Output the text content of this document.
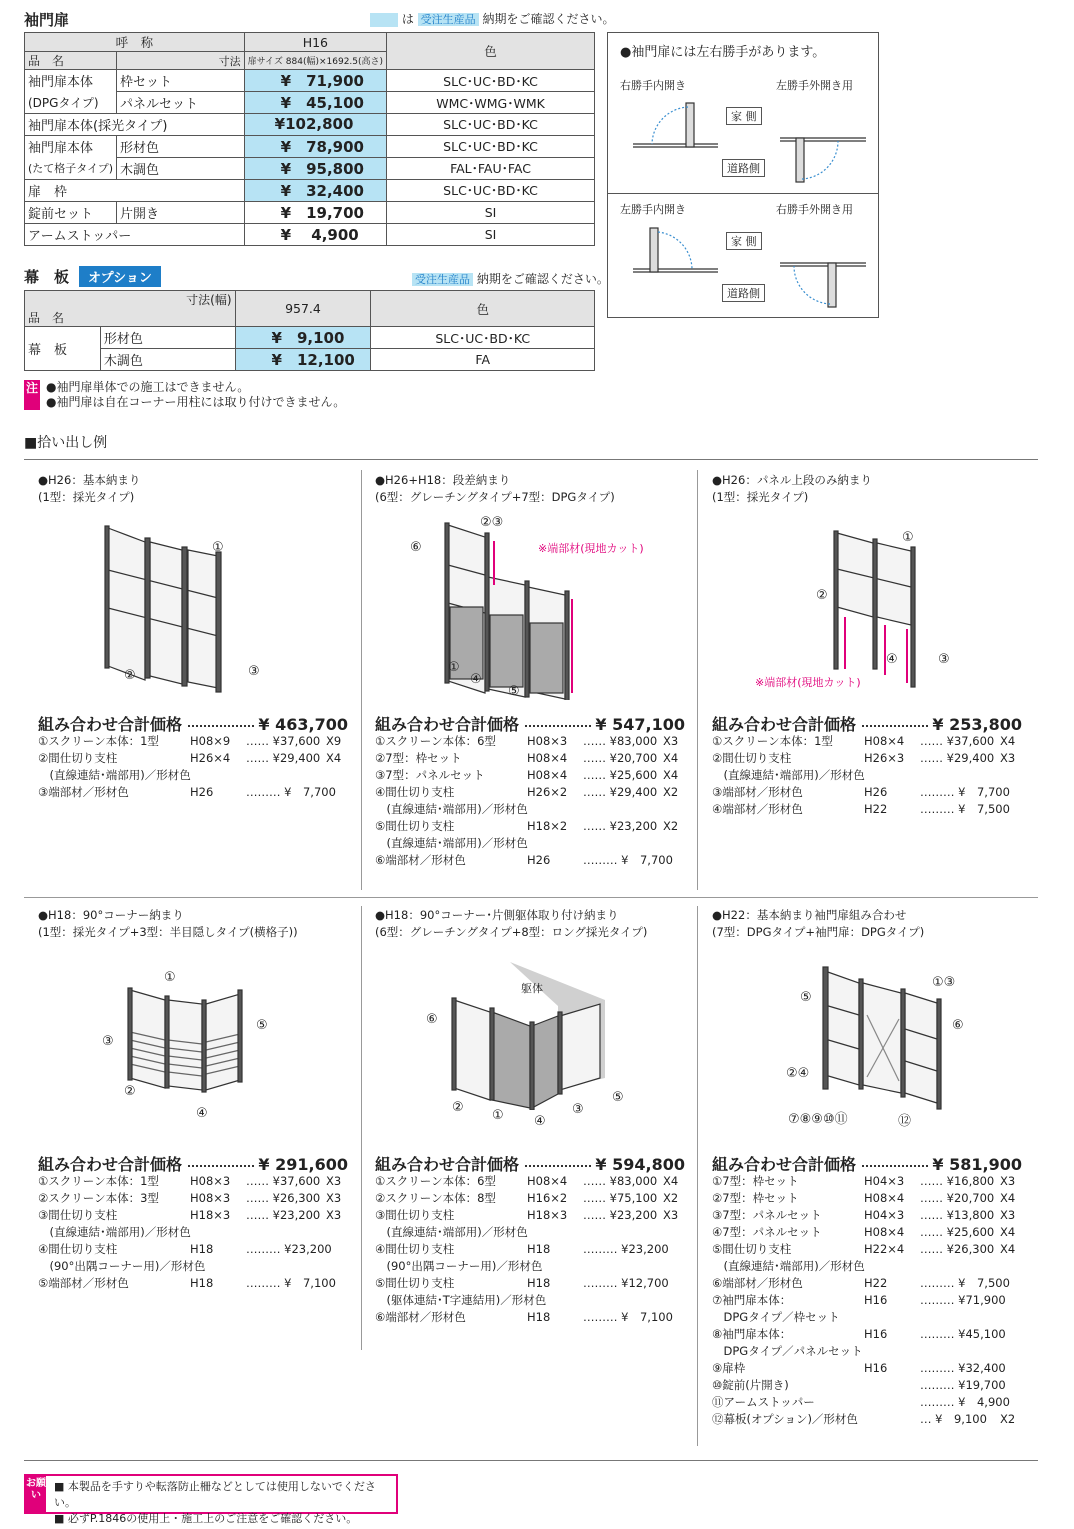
袖門扉	は 受注生産品 納期をご確認ください。
呼　称		H16	色
品　名	寸法	扉サイズ 884(幅)×1692.5(高さ)	
袖門扉本体	枠セット	¥　71,900	SLC･UC･BD･KC
(DPGタイプ)	パネルセット	¥　45,100	WMC･WMG･WMK
袖門扉本体(採光タイプ)		¥102,800	SLC･UC･BD･KC
袖門扉本体	形材色	¥　78,900	SLC･UC･BD･KC
(たて格子タイプ)	木調色	¥　95,800	FAL･FAU･FAC
扉　枠		¥　32,400	SLC･UC･BD･KC
錠前セット	片開き	¥　19,700	SI
アームストッパー		¥　 4,900	SI
幕　板	オプション	受注生産品 納期をご確認ください。
寸法(幅)		957.4	色
品　名			
幕　板	形材色	¥　9,100	SLC･UC･BD･KC
	木調色	¥　12,100	FA
●袖門扉には左右勝手があります。
右勝手内開き	左勝手外開き用
左勝手内開き	右勝手外開き用
家 側
道路側
家 側
道路側
注 ●袖門扉単体での施工はできません。
●袖門扉は自在コーナー用柱には取り付けできません。
■拾い出し例
●H26：基本納まり
(1型：採光タイプ)
①
②	③
組み合わせ合計価格	¥ 463,700
①スクリーン本体：1型	H08×9	…… ¥37,600 X9
②間仕切り支柱	H26×4	…… ¥29,400 X4
　(直線連結･端部用)／形材色
③端部材／形材色	H26	……… ¥　7,700
●H26+H18：段差納まり
(6型：グレーチングタイプ+7型：DPGタイプ)
※端部材(現地カット)
②③
⑥
①
④
⑤
組み合わせ合計価格	¥ 547,100
①スクリーン本体：6型	H08×3	…… ¥83,000 X3
②7型：枠セット	H08×4	…… ¥20,700 X4
③7型：パネルセット	H08×4	…… ¥25,600 X4
④間仕切り支柱	H26×2	…… ¥29,400 X2
　(直線連結･端部用)／形材色
⑤間仕切り支柱	H18×2	…… ¥23,200 X2
　(直線連結･端部用)／形材色
⑥端部材／形材色	H26	……… ¥　7,700
●H26：パネル上段のみ納まり
(1型：採光タイプ)
※端部材(現地カット)
①
②
④	③
組み合わせ合計価格	¥ 253,800
①スクリーン本体：1型	H08×4	…… ¥37,600 X4
②間仕切り支柱	H26×3	…… ¥29,400 X3
　(直線連結･端部用)／形材色
③端部材／形材色	H26	……… ¥　7,700
④端部材／形材色	H22	……… ¥　7,500
●H18：90°コーナー納まり
(1型：採光タイプ+3型：半目隠しタイプ(横格子))
①
③
⑤
②
④
組み合わせ合計価格	¥ 291,600
①スクリーン本体：1型	H08×3	…… ¥37,600 X3
②スクリーン本体：3型	H08×3	…… ¥26,300 X3
③間仕切り支柱	H18×3	…… ¥23,200 X3
　(直線連結･端部用)／形材色
④間仕切り支柱	H18	……… ¥23,200
　(90°出隅コーナー用)／形材色
⑤端部材／形材色	H18	……… ¥　7,100
●H18：90°コーナー･片側躯体取り付け納まり
(6型：グレーチングタイプ+8型：ロング採光タイプ)
躯体
⑥
②
① ④
③
⑤
組み合わせ合計価格	¥ 594,800
①スクリーン本体：6型	H08×4	…… ¥83,000 X4
②スクリーン本体：8型	H16×2	…… ¥75,100 X2
③間仕切り支柱	H18×3	…… ¥23,200 X3
　(直線連結･端部用)／形材色
④間仕切り支柱	H18	……… ¥23,200
　(90°出隅コーナー用)／形材色
⑤間仕切り支柱	H18	……… ¥12,700
　(躯体連結･T字連結用)／形材色
⑥端部材／形材色	H18	……… ¥　7,100
●H22：基本納まり袖門扉組み合わせ
(7型：DPGタイプ+袖門扉：DPGタイプ)
①③
⑤
⑥
②④
⑦⑧⑨⑩⑪	⑫
組み合わせ合計価格	¥ 581,900
①7型：枠セット	H04×3	…… ¥16,800 X3
②7型：枠セット	H08×4	…… ¥20,700 X4
③7型：パネルセット	H04×3	…… ¥13,800 X3
④7型：パネルセット	H08×4	…… ¥25,600 X4
⑤間仕切り支柱	H22×4	…… ¥26,300 X4
　(直線連結･端部用)／形材色
⑥端部材／形材色	H22	……… ¥　7,500
⑦袖門扉本体：	H16	……… ¥71,900
　DPGタイプ／枠セット
⑧袖門扉本体：	H16	……… ¥45,100
　DPGタイプ／パネルセット
⑨扉枠	H16	……… ¥32,400
⑩錠前(片開き)	……… ¥19,700
⑪アームストッパー	……… ¥　4,900
⑫幕板(オプション)／形材色	… ¥　9,100	X2
お願い
■ 本製品を手すりや転落防止柵などとしては使用しないでください。
■ 必ずP.1846の使用上・施工上のご注意をご確認ください。
